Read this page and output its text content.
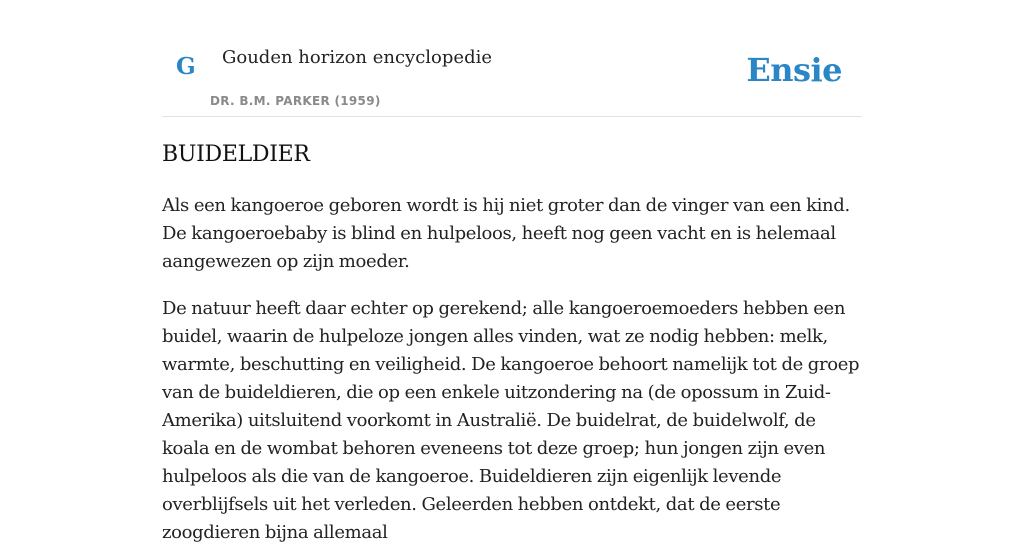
G Gouden horizon encyclopedie
DR. B.M. PARKER (1959)
Ensie
BUIDELDIER

Als een kangoeroe geboren wordt is hij niet groter dan de vinger van een kind. De kangoeroebaby is blind en hulpeloos, heeft nog geen vacht en is helemaal aangewezen op zijn moeder.

De natuur heeft daar echter op gerekend; alle kangoeroemoeders hebben een buidel, waarin de hulpeloze jongen alles vinden, wat ze nodig hebben: melk, warmte, beschutting en veiligheid. De kangoeroe behoort namelijk tot de groep van de buideldieren, die op een enkele uitzondering na (de opossum in Zuid-Amerika) uitsluitend voorkomt in Australië. De buidelrat, de buidelwolf, de koala en de wombat behoren eveneens tot deze groep; hun jongen zijn even hulpeloos als die van de kangoeroe. Buideldieren zijn eigenlijk levende overblijfsels uit het verleden. Geleerden hebben ontdekt, dat de eerste zoogdieren bijna allemaal
